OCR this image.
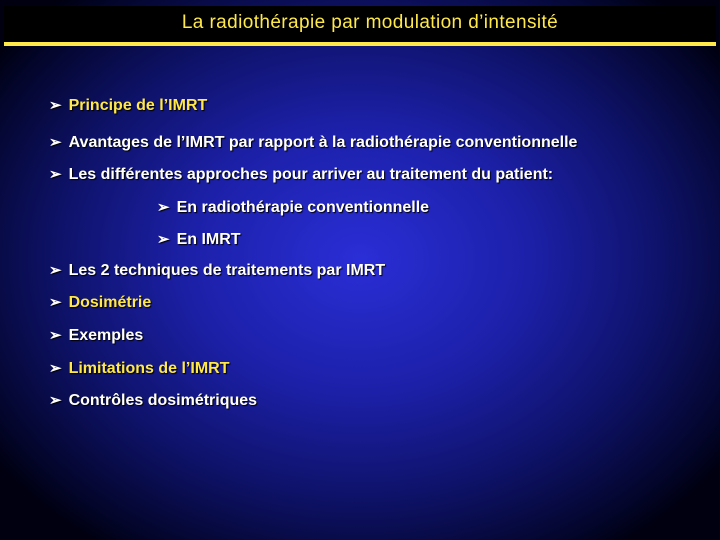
La radiothérapie par modulation d’intensité
➢ Principe de l’IMRT
➢ Avantages de l’IMRT par rapport à la radiothérapie conventionnelle
➢ Les différentes approches pour arriver au traitement du patient:
➢ En radiothérapie conventionnelle
➢ En IMRT
➢ Les 2 techniques de traitements par IMRT
➢ Dosimétrie
➢ Exemples
➢ Limitations de l’IMRT
➢ Contrôles dosimétriques
